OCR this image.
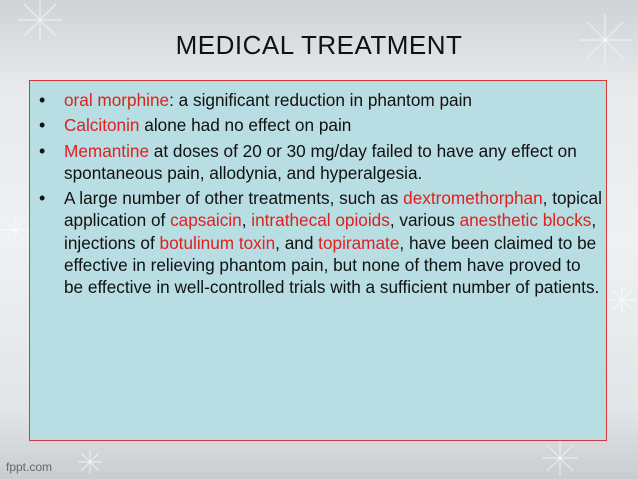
MEDICAL TREATMENT
• oral morphine: a significant reduction in phantom pain
• Calcitonin alone had no effect on pain
• Memantine at doses of 20 or 30 mg/day failed to have any effect on spontaneous pain, allodynia, and hyperalgesia.
• A large number of other treatments, such as dextromethorphan, topical application of capsaicin, intrathecal opioids, various anesthetic blocks, injections of botulinum toxin, and topiramate, have been claimed to be effective in relieving phantom pain, but none of them have proved to be effective in well-controlled trials with a sufficient number of patients.
fppt.com
